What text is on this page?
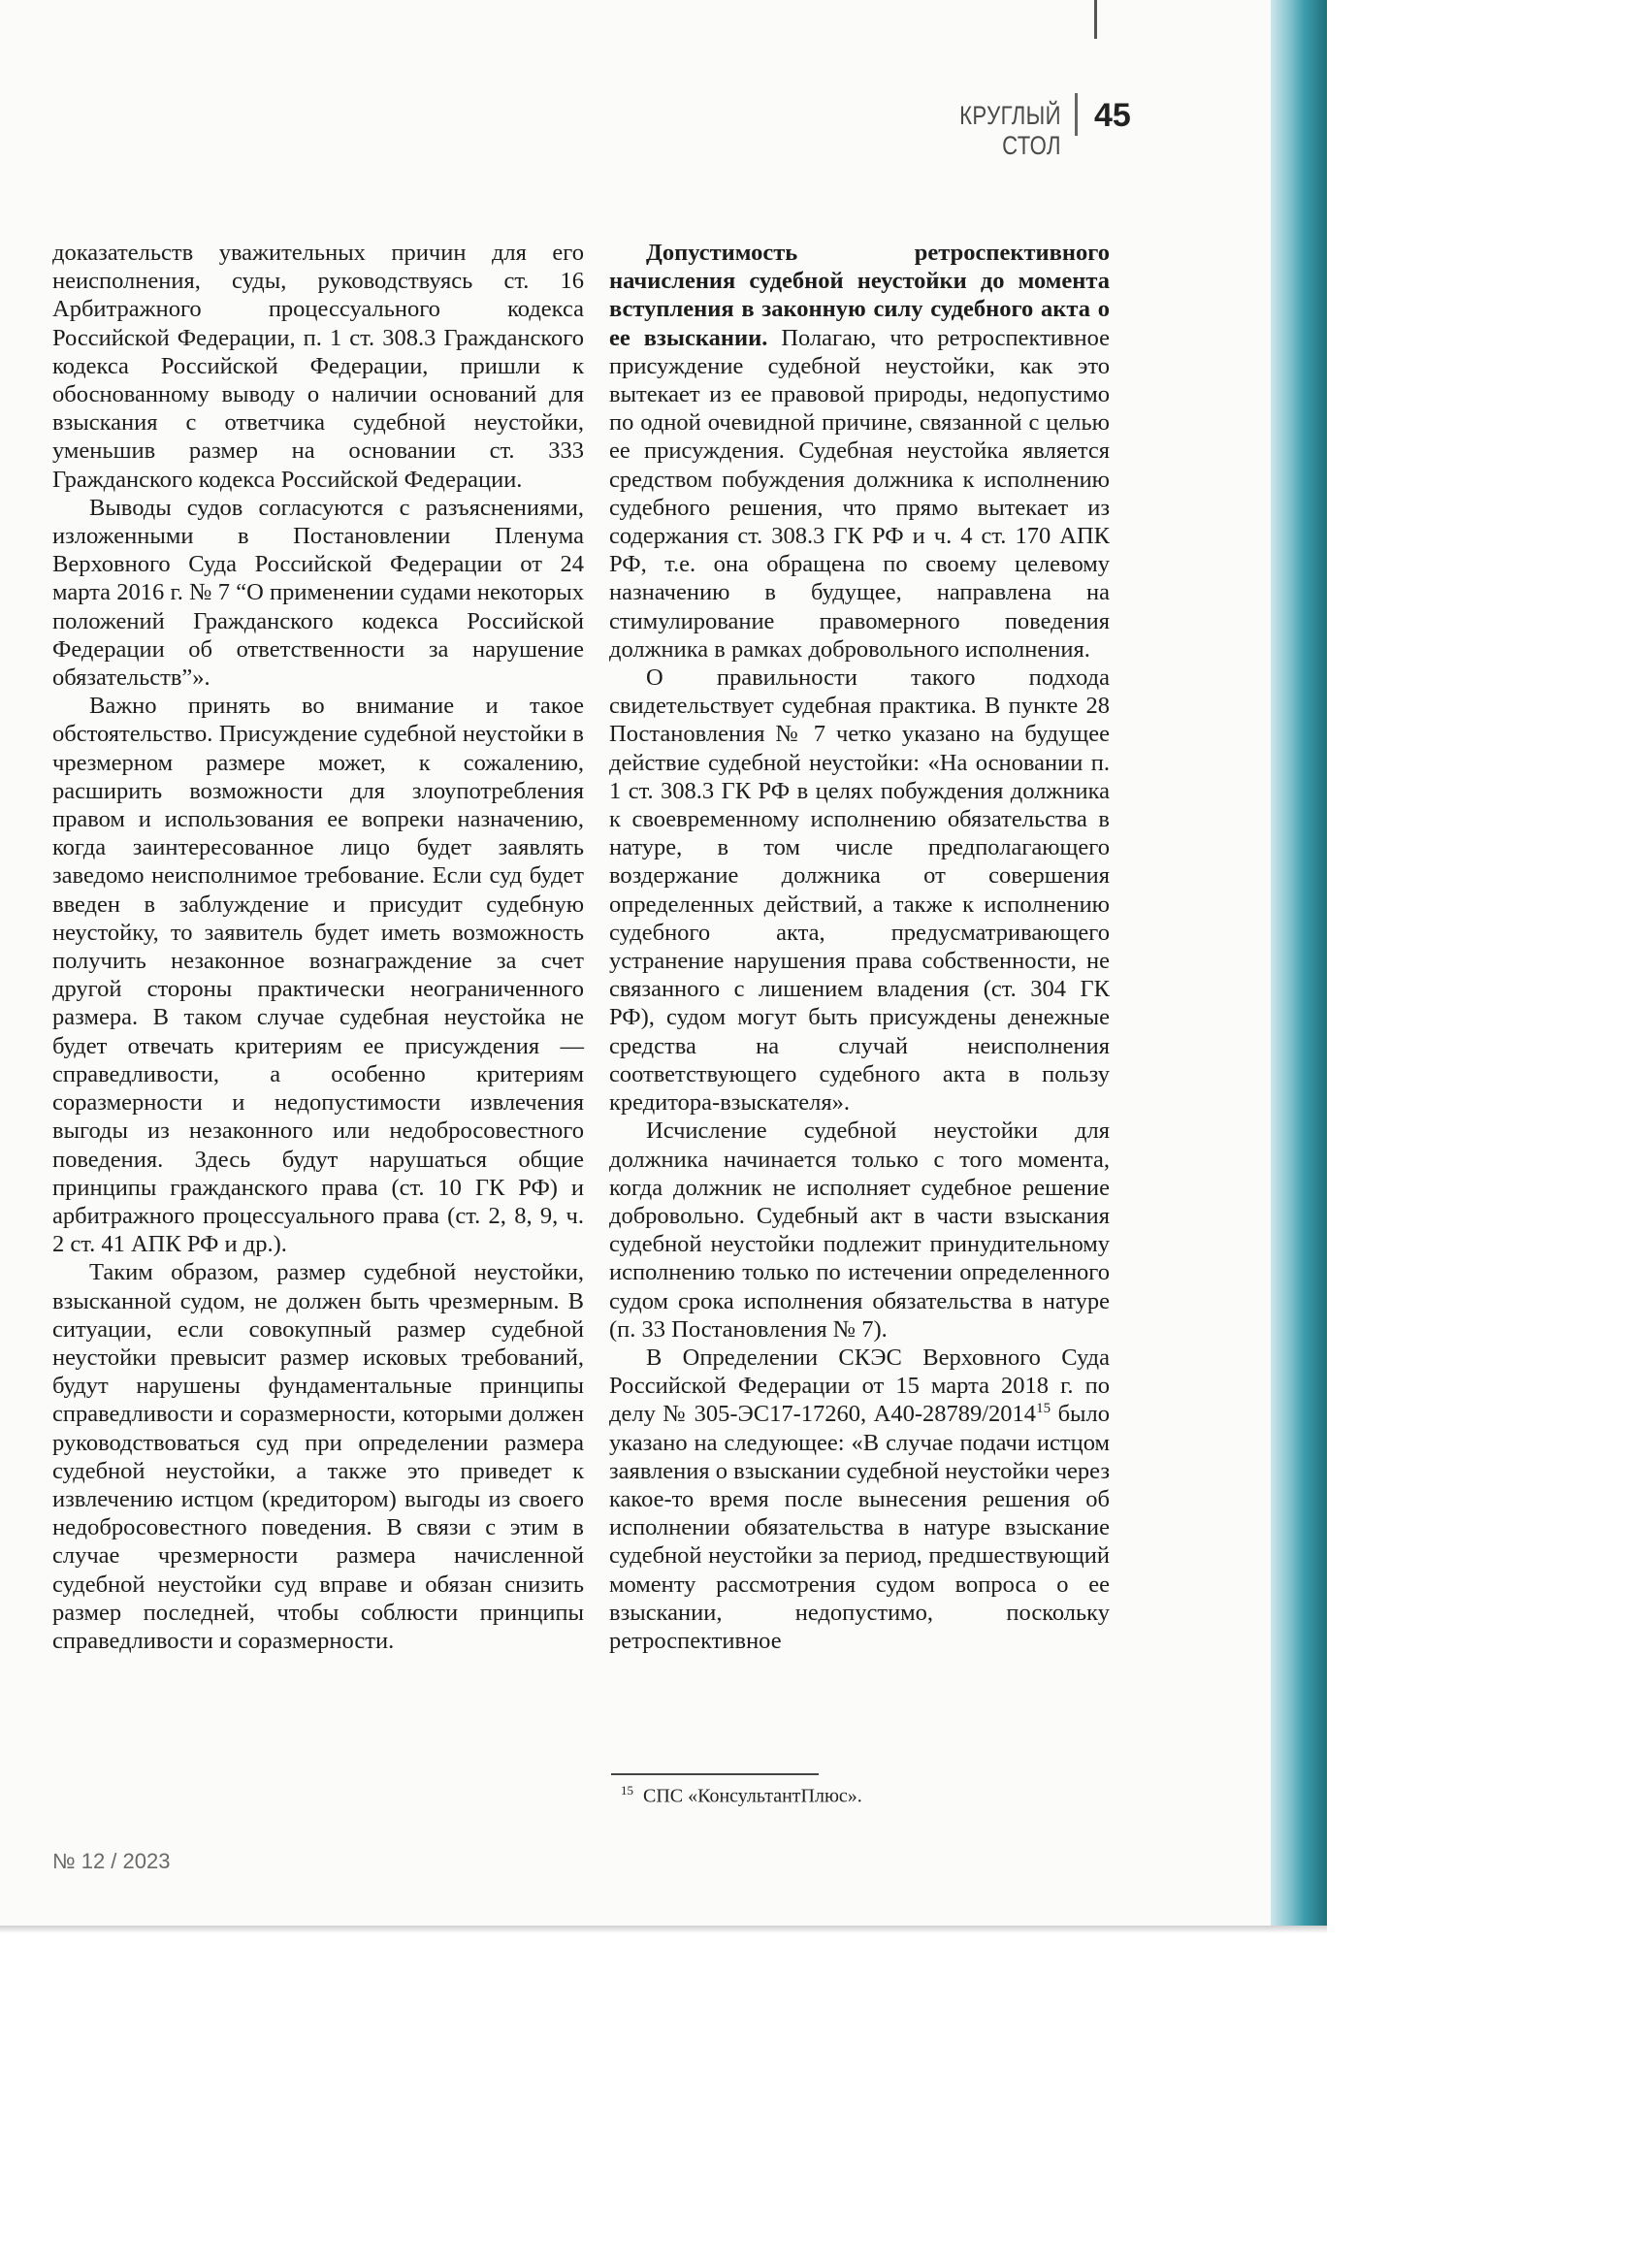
КРУГЛЫЙ СТОЛ
45

доказательств уважительных причин для его неисполнения, суды, руководствуясь ст. 16 Арбитражного процессуального кодекса Российской Федерации, п. 1 ст. 308.3 Гражданского кодекса Российской Федерации, пришли к обоснованному выводу о наличии оснований для взыскания с ответчика судебной неустойки, уменьшив размер на основании ст. 333 Гражданского кодекса Российской Федерации.

Выводы судов согласуются с разъяснениями, изложенными в Постановлении Пленума Верховного Суда Российской Федерации от 24 марта 2016 г. № 7 “О применении судами некоторых положений Гражданского кодекса Российской Федерации об ответственности за нарушение обязательств”».

Важно принять во внимание и такое обстоятельство. Присуждение судебной неустойки в чрезмерном размере может, к сожалению, расширить возможности для злоупотребления правом и использования ее вопреки назначению, когда заинтересованное лицо будет заявлять заведомо неисполнимое требование. Если суд будет введен в заблуждение и присудит судебную неустойку, то заявитель будет иметь возможность получить незаконное вознаграждение за счет другой стороны практически неограниченного размера. В таком случае судебная неустойка не будет отвечать критериям ее присуждения — справедливости, а особенно критериям соразмерности и недопустимости извлечения выгоды из незаконного или недобросовестного поведения. Здесь будут нарушаться общие принципы гражданского права (ст. 10 ГК РФ) и арбитражного процессуального права (ст. 2, 8, 9, ч. 2 ст. 41 АПК РФ и др.).

Таким образом, размер судебной неустойки, взысканной судом, не должен быть чрезмерным. В ситуации, если совокупный размер судебной неустойки превысит размер исковых требований, будут нарушены фундаментальные принципы справедливости и соразмерности, которыми должен руководствоваться суд при определении размера судебной неустойки, а также это приведет к извлечению истцом (кредитором) выгоды из своего недобросовестного поведения. В связи с этим в случае чрезмерности размера начисленной судебной неустойки суд вправе и обязан снизить размер последней, чтобы соблюсти принципы справедливости и соразмерности.

Допустимость ретроспективного начисления судебной неустойки до момента вступления в законную силу судебного акта о ее взыскании. Полагаю, что ретроспективное присуждение судебной неустойки, как это вытекает из ее правовой природы, недопустимо по одной очевидной причине, связанной с целью ее присуждения. Судебная неустойка является средством побуждения должника к исполнению судебного решения, что прямо вытекает из содержания ст. 308.3 ГК РФ и ч. 4 ст. 170 АПК РФ, т.е. она обращена по своему целевому назначению в будущее, направлена на стимулирование правомерного поведения должника в рамках добровольного исполнения.

О правильности такого подхода свидетельствует судебная практика. В пункте 28 Постановления № 7 четко указано на будущее действие судебной неустойки: «На основании п. 1 ст. 308.3 ГК РФ в целях побуждения должника к своевременному исполнению обязательства в натуре, в том числе предполагающего воздержание должника от совершения определенных действий, а также к исполнению судебного акта, предусматривающего устранение нарушения права собственности, не связанного с лишением владения (ст. 304 ГК РФ), судом могут быть присуждены денежные средства на случай неисполнения соответствующего судебного акта в пользу кредитора-взыскателя».

Исчисление судебной неустойки для должника начинается только с того момента, когда должник не исполняет судебное решение добровольно. Судебный акт в части взыскания судебной неустойки подлежит принудительному исполнению только по истечении определенного судом срока исполнения обязательства в натуре (п. 33 Постановления № 7).

В Определении СКЭС Верховного Суда Российской Федерации от 15 марта 2018 г. по делу № 305-ЭС17-17260, А40-28789/2014$^{15}$ было указано на следующее: «В случае подачи истцом заявления о взыскании судебной неустойки через какое-то время после вынесения решения об исполнении обязательства в натуре взыскание судебной неустойки за период, предшествующий моменту рассмотрения судом вопроса о ее взыскании, недопустимо, поскольку ретроспективное

$^{15}$ СПС «КонсультантПлюс».
№ 12 / 2023
